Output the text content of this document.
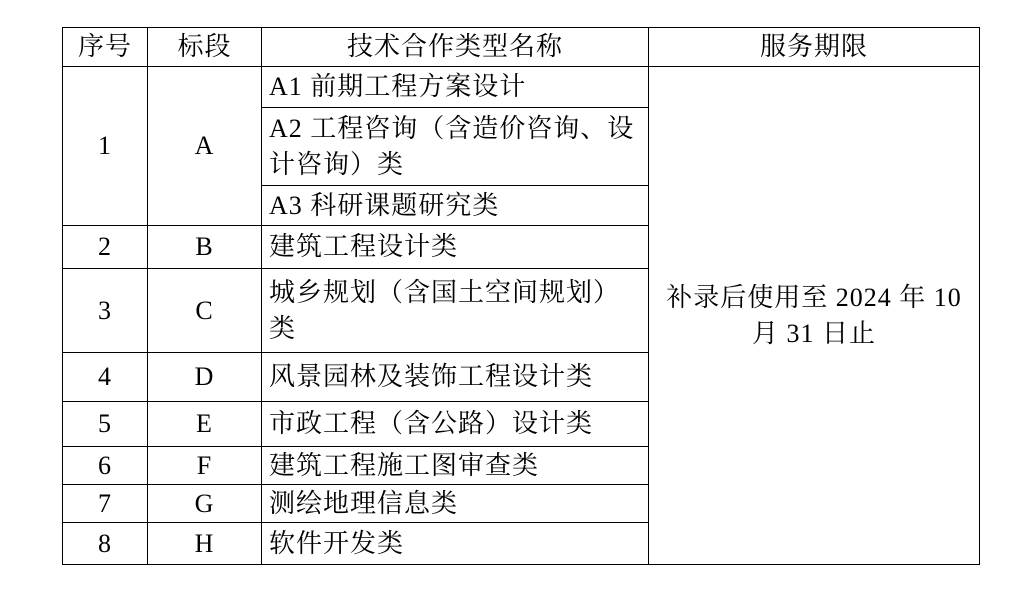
序号	标段	技术合作类型名称	服务期限
1	A	A1 前期工程方案设计	补录后使用至 2024 年 10 月 31 日止
		A2 工程咨询（含造价咨询、设计咨询）类	
		A3 科研课题研究类	
2	B	建筑工程设计类	
3	C	城乡规划（含国土空间规划）类	
4	D	风景园林及装饰工程设计类	
5	E	市政工程（含公路）设计类	
6	F	建筑工程施工图审查类	
7	G	测绘地理信息类	
8	H	软件开发类	
